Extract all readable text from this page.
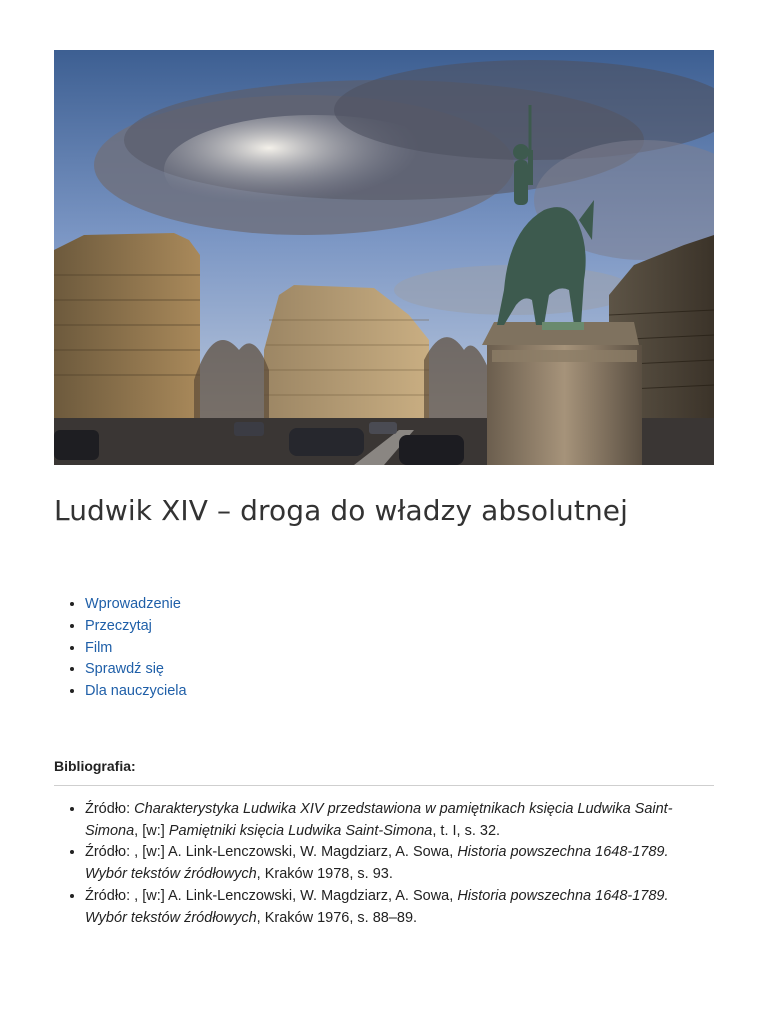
Ludwik XIV – droga do władzy absolutnej
• Wprowadzenie
• Przeczytaj
• Film
• Sprawdź się
• Dla nauczyciela
Bibliografia:
• Źródło: Charakterystyka Ludwika XIV przedstawiona w pamiętnikach księcia Ludwika Saint-Simona, [w:] Pamiętniki księcia Ludwika Saint-Simona, t. I, s. 32.
• Źródło: , [w:] A. Link-Lenczowski, W. Magdziarz, A. Sowa, Historia powszechna 1648-1789. Wybór tekstów źródłowych, Kraków 1978, s. 93.
• Źródło: , [w:] A. Link-Lenczowski, W. Magdziarz, A. Sowa, Historia powszechna 1648-1789. Wybór tekstów źródłowych, Kraków 1976, s. 88–89.
